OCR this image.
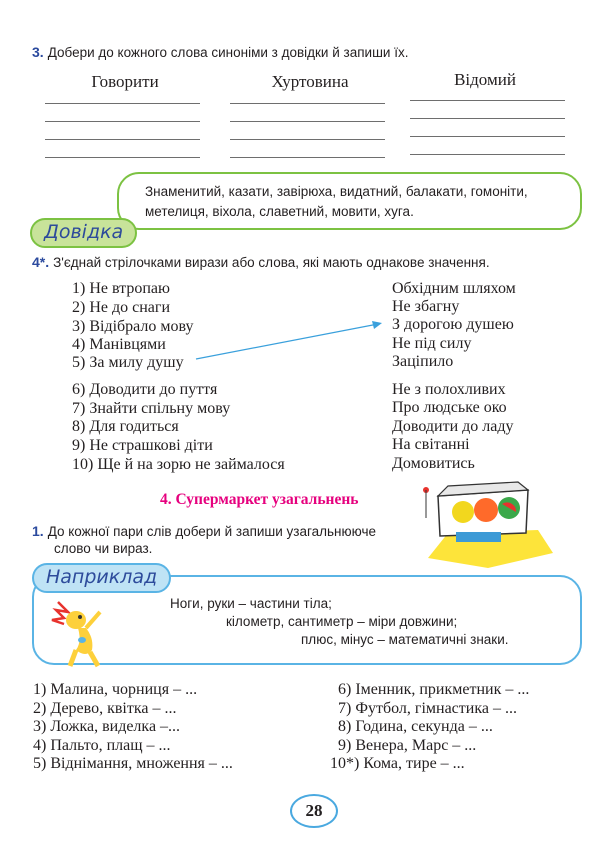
3. Добери до кожного слова синоніми з довідки й запиши їх.
Говорити	Хуртовина	Відомий
Знаменитий, казати, завірюха, видатний, балакати, гомоніти,
метелиця, віхола, славетний, мовити, хуга.
Довідка
4*. З'єднай стрілочками вирази або слова, які мають однакове значення.
1) Не втропаю
2) Не до снаги
3) Відібрало мову
4) Манівцями
5) За милу душу
6) Доводити до пуття
7) Знайти спільну мову
8) Для годиться
9) Не страшкові діти
10) Ще й на зорю не займалося
Обхідним шляхом
Не збагну
З дорогою душею
Не під силу
Заціпило
Не з полохливих
Про людське око
Доводити до ладу
На світанні
Домовитись
4. Супермаркет узагальнень
1. До кожної пари слів добери й запиши узагальнююче
слово чи вираз.
Ноги, руки – частини тіла;
кілометр, сантиметр – міри довжини;
плюс, мінус – математичні знаки.
Наприклад
1) Малина, чорниця – ...
2) Дерево, квітка – ...
3) Ложка, виделка –...
4) Пальто, плащ – ...
5) Віднімання, множення – ...
6) Іменник, прикметник – ...
7) Футбол, гімнастика – ...
8) Година, секунда – ...
9) Венера, Марс – ...
10*) Кома, тире – ...
28
